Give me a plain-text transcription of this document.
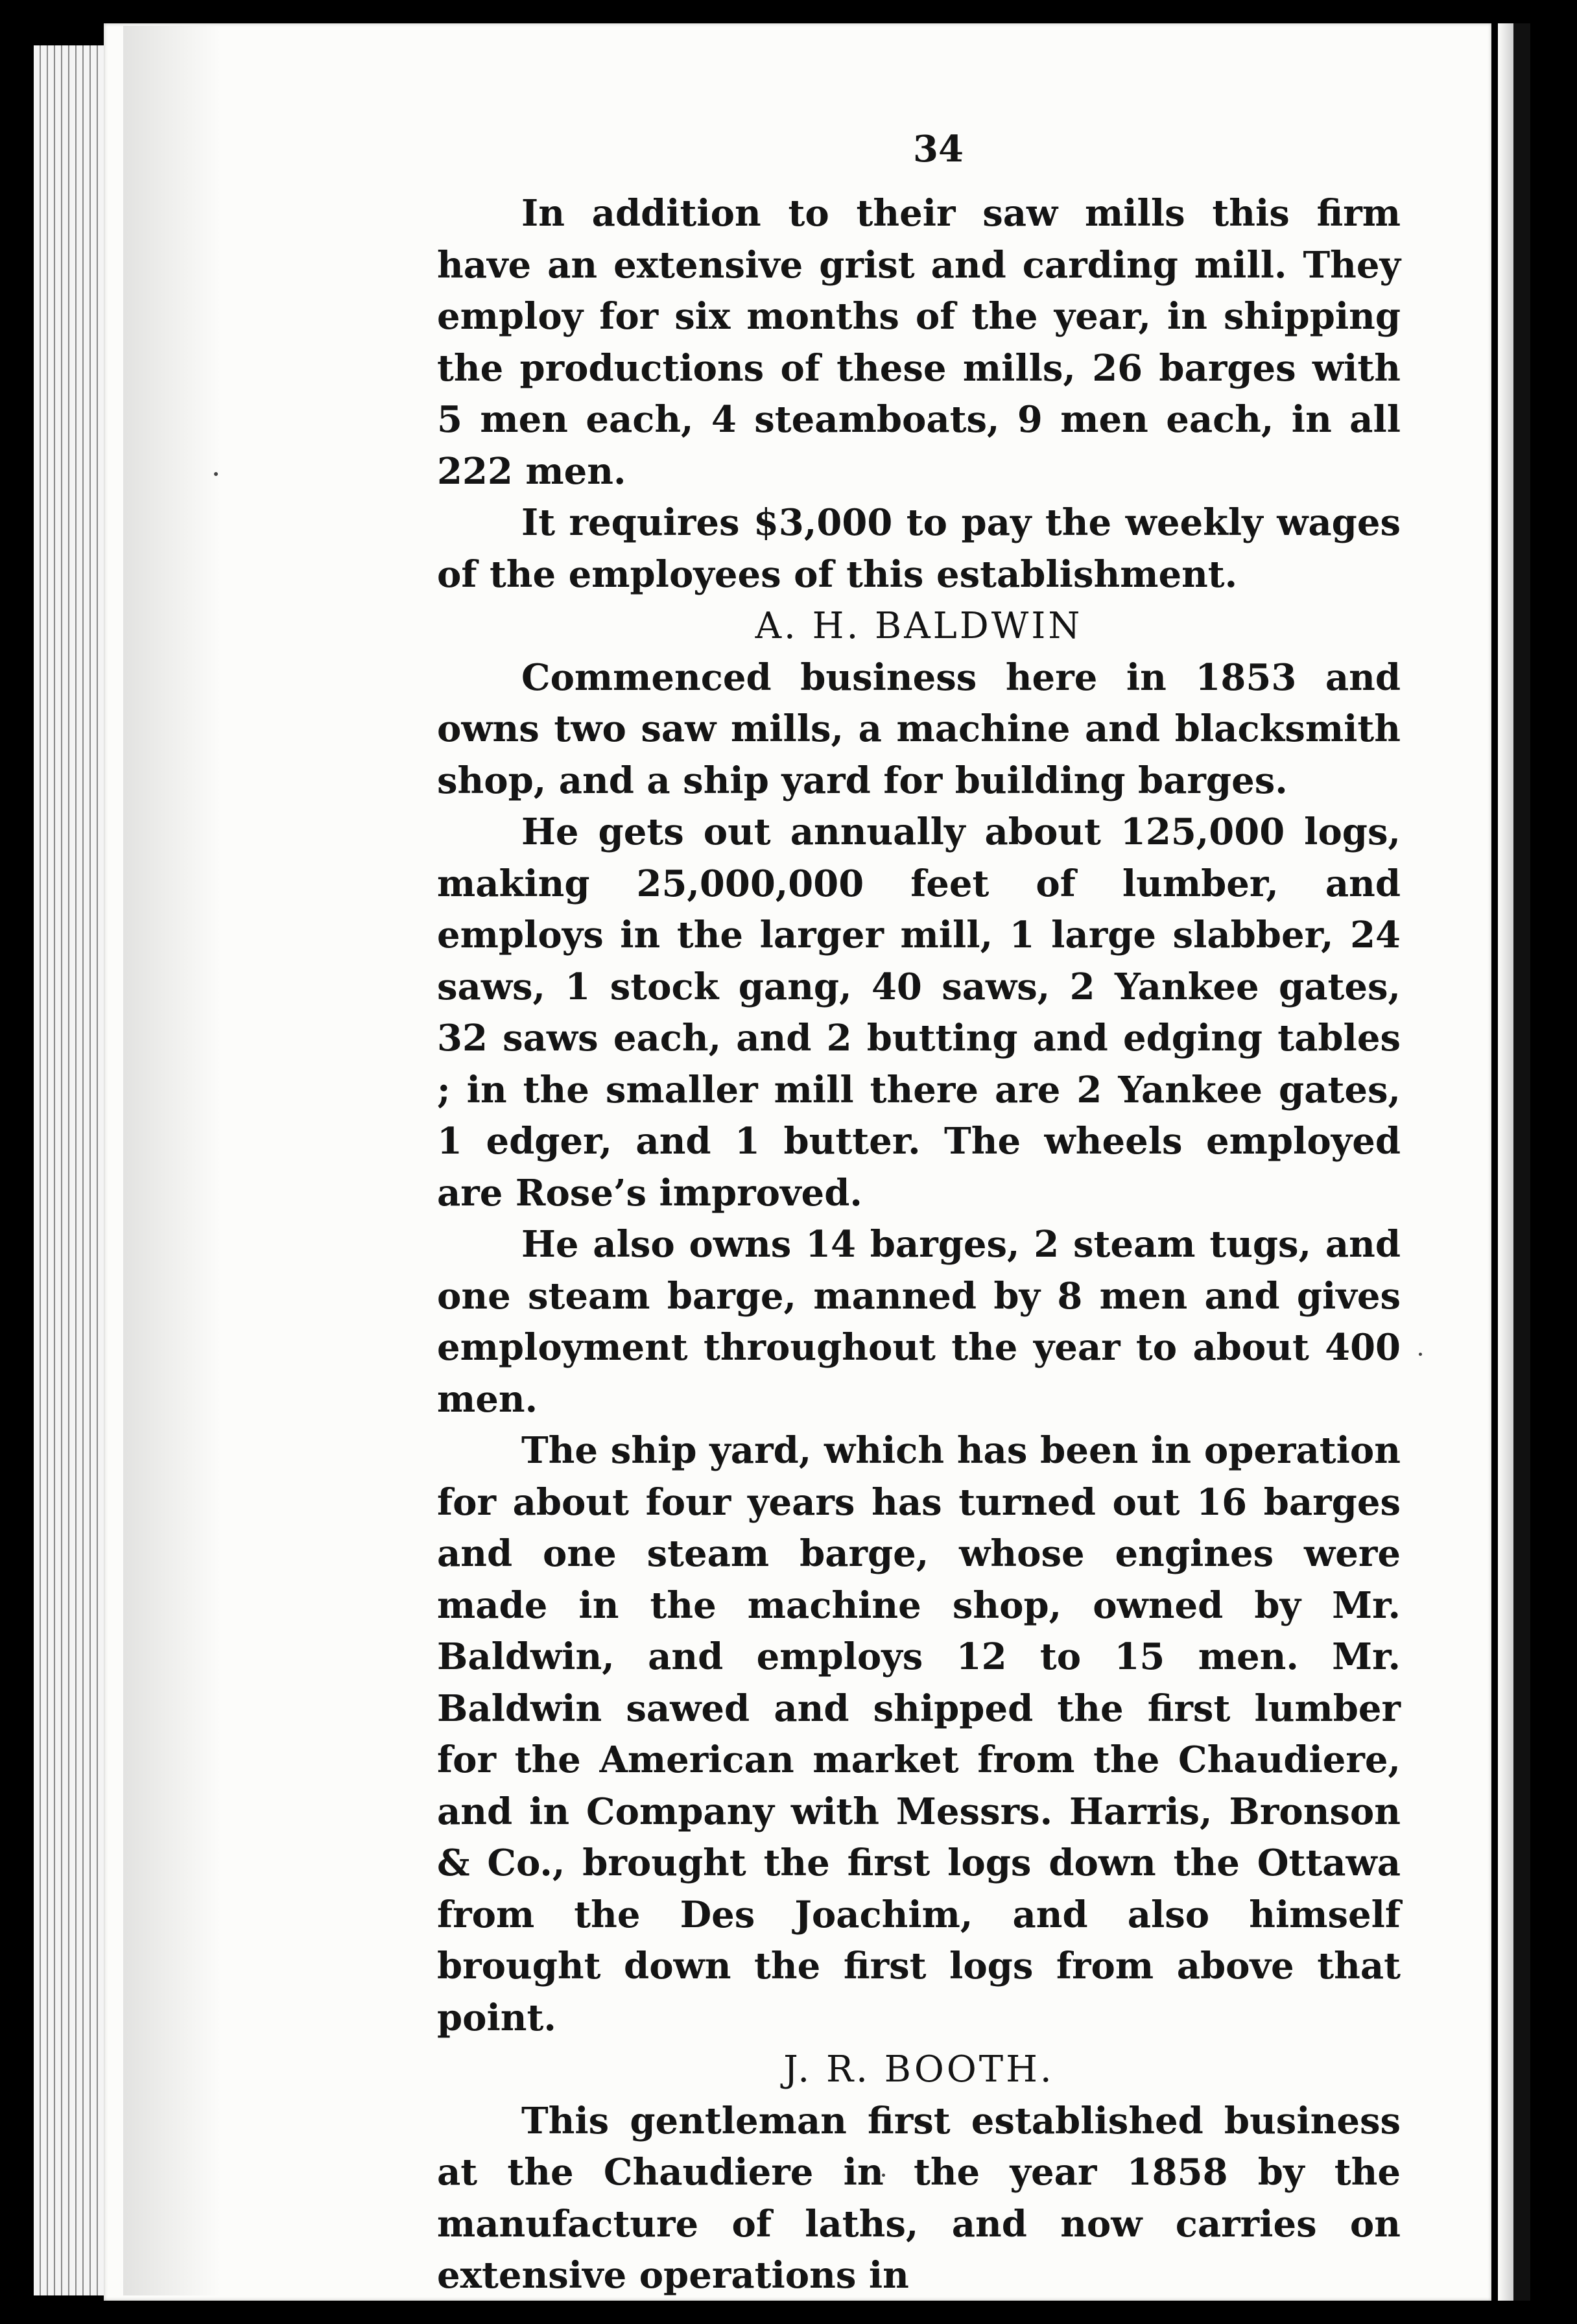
34

In addition to their saw mills this firm have an extensive grist and carding mill. They employ for six months of the year, in shipping the productions of these mills, 26 barges with 5 men each, 4 steamboats, 9 men each, in all 222 men.

It requires $3,000 to pay the weekly wages of the employees of this establishment.

A. H. BALDWIN

Commenced business here in 1853 and owns two saw mills, a machine and blacksmith shop, and a ship yard for building barges.

He gets out annually about 125,000 logs, making 25,000,000 feet of lumber, and employs in the larger mill, 1 large slabber, 24 saws, 1 stock gang, 40 saws, 2 Yankee gates, 32 saws each, and 2 butting and edging tables ; in the smaller mill there are 2 Yankee gates, 1 edger, and 1 butter. The wheels employed are Rose’s improved.

He also owns 14 barges, 2 steam tugs, and one steam barge, manned by 8 men and gives employment throughout the year to about 400 men.

The ship yard, which has been in operation for about four years has turned out 16 barges and one steam barge, whose engines were made in the machine shop, owned by Mr. Baldwin, and employs 12 to 15 men. Mr. Baldwin sawed and shipped the first lumber for the American market from the Chaudiere, and in Company with Messrs. Harris, Bronson & Co., brought the first logs down the Ottawa from the Des Joachim, and also himself brought down the first logs from above that point.

J. R. BOOTH.

This gentleman first established business at the Chaudiere in the year 1858 by the manufacture of laths, and now carries on extensive operations in
